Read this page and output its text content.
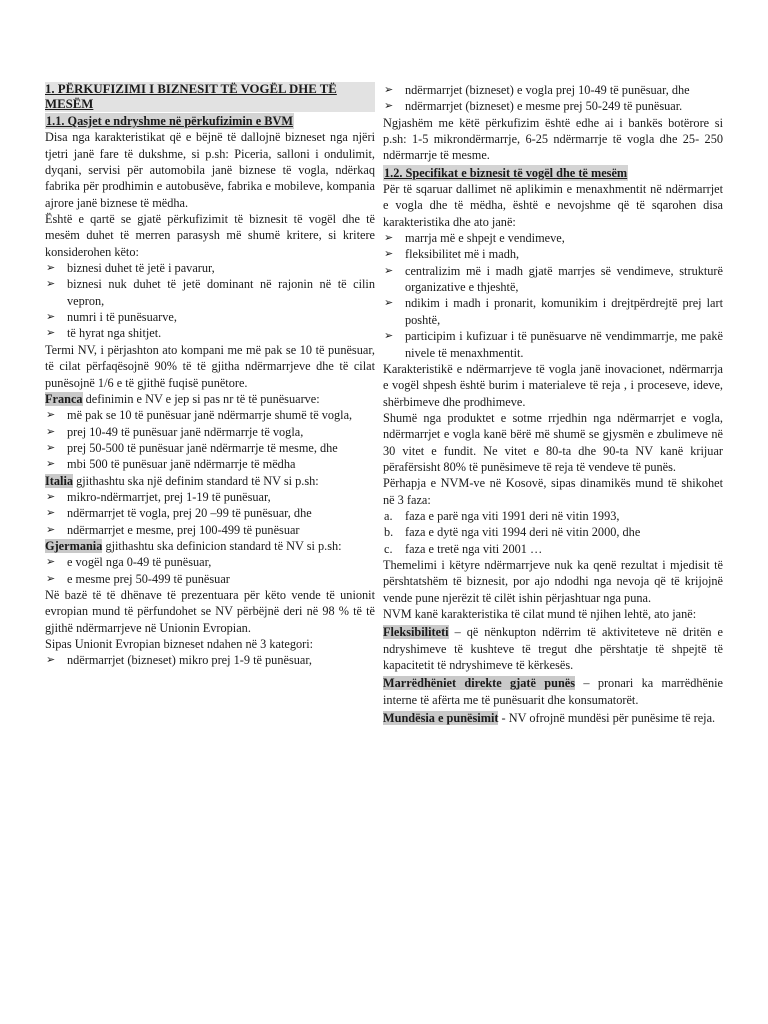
1. PËRKUFIZIMI I BIZNESIT TË VOGËL DHE TË MESËM

1.1. Qasjet e ndryshme në përkufizimin e BVM

Disa nga karakteristikat që e bëjnë të dallojnë bizneset nga njëri tjetri janë fare të dukshme, si p.sh: Piceria, salloni i ondulimit, dyqani, servisi për automobila janë biznese të vogla, ndërkaq fabrika për prodhimin e autobusëve, fabrika e mobileve, kompania ajrore janë biznese të mëdha.

Është e qartë se gjatë përkufizimit të biznesit të vogël dhe të mesëm duhet të merren parasysh më shumë kritere, si kritere konsiderohen këto:

➢ biznesi duhet të jetë i pavarur,
➢ biznesi nuk duhet të jetë dominant në rajonin në të cilin vepron,
➢ numri i të punësuarve,
➢ të hyrat nga shitjet.

Termi NV, i përjashton ato kompani me më pak se 10 të punësuar, të cilat përfaqësojnë 90% të të gjitha ndërmarrjeve dhe të cilat punësojnë 1/6 e të gjithë fuqisë punëtore.

Franca definimin e NV e jep si pas nr të të punësuarve:

➢ më pak se 10 të punësuar janë ndërmarrje shumë të vogla,
➢ prej 10-49 të punësuar janë ndërmarrje të vogla,
➢ prej 50-500 të punësuar janë ndërmarrje të mesme, dhe
➢ mbi 500 të punësuar janë ndërmarrje të mëdha

Italia gjithashtu ska një definim standard të NV si p.sh:

➢ mikro-ndërmarrjet, prej 1-19 të punësuar,
➢ ndërmarrjet të vogla, prej 20 –99 të punësuar, dhe
➢ ndërmarrjet e mesme, prej 100-499 të punësuar

Gjermania gjithashtu ska definicion standard të NV si p.sh:

➢ e vogël nga 0-49 të punësuar,
➢ e mesme prej 50-499 të punësuar

Në bazë të të dhënave të prezentuara për këto vende të unionit evropian mund të përfundohet se NV përbëjnë deri në 98 % të të gjithë ndërmarrjeve në Unionin Evropian.

Sipas Unionit Evropian bizneset ndahen në 3 kategori:

➢ ndërmarrjet (bizneset) mikro prej 1-9 të punësuar,
➢ ndërmarrjet (bizneset) e vogla prej 10-49 të punësuar, dhe
➢ ndërmarrjet (bizneset) e mesme prej 50-249 të punësuar.

Ngjashëm me këtë përkufizim është edhe ai i bankës botërore si p.sh: 1-5 mikrondërmarrje, 6-25 ndërmarrje të vogla dhe 25- 250 ndërmarrje të mesme.

1.2. Specifikat e biznesit të vogël dhe të mesëm

Për të sqaruar dallimet në aplikimin e menaxhmentit në ndërmarrjet e vogla dhe të mëdha, është e nevojshme që të sqarohen disa karakteristika dhe ato janë:

➢ marrja më e shpejt e vendimeve,
➢ fleksibilitet më i madh,
➢ centralizim më i madh gjatë marrjes së vendimeve, strukturë organizative e thjeshtë,
➢ ndikim i madh i pronarit, komunikim i drejtpërdrejtë prej lart poshtë,
➢ participim i kufizuar i të punësuarve në vendimmarrje, me pakë nivele të menaxhmentit.

Karakteristikë e ndërmarrjeve të vogla janë inovacionet, ndërmarrja e vogël shpesh është burim i materialeve të reja , i proceseve, ideve, shërbimeve dhe prodhimeve.

Shumë nga produktet e sotme rrjedhin nga ndërmarrjet e vogla, ndërmarrjet e vogla kanë bërë më shumë se gjysmën e zbulimeve në 30 vitet e fundit. Ne vitet e 80-ta dhe 90-ta NV kanë krijuar përafërsisht 80% të punësimeve të reja të vendeve të punës.

Përhapja e NVM-ve në Kosovë, sipas dinamikës mund të shikohet në 3 faza:

a. faza e parë nga viti 1991 deri në vitin 1993,
b. faza e dytë nga viti 1994 deri në vitin 2000, dhe
c. faza e tretë nga viti 2001 …

Themelimi i këtyre ndërmarrjeve nuk ka qenë rezultat i mjedisit të përshtatshëm të biznesit, por ajo ndodhi nga nevoja që të krijojnë vende pune njerëzit të cilët ishin përjashtuar nga puna.

NVM kanë karakteristika të cilat mund të njihen lehtë, ato janë:

Fleksibiliteti – që nënkupton ndërrim të aktiviteteve në dritën e ndryshimeve të kushteve të tregut dhe përshtatje të shpejtë të kapacitetit të ndryshimeve të kërkesës.

Marrëdhëniet direkte gjatë punës – pronari ka marrëdhënie interne të afërta me të punësuarit dhe konsumatorët.

Mundësia e punësimit - NV ofrojnë mundësi për punësime të reja.
